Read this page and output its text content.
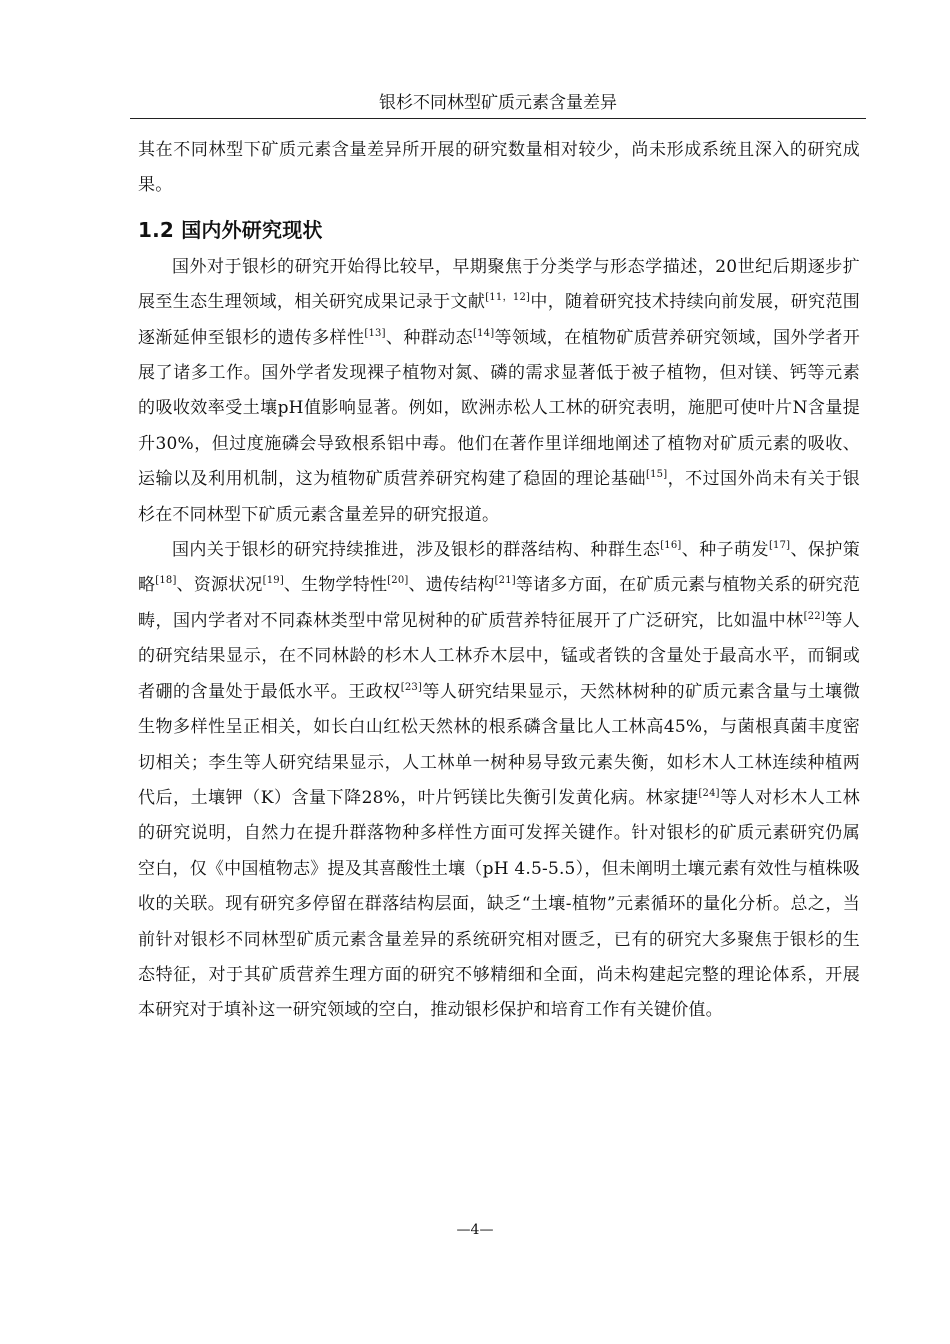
银杉不同林型矿质元素含量差异

其在不同林型下矿质元素含量差异所开展的研究数量相对较少，尚未形成系统且深入的研究成果。

1.2 国内外研究现状

国外对于银杉的研究开始得比较早，早期聚焦于分类学与形态学描述，20世纪后期逐步扩展至生态生理领域，相关研究成果记录于文献[11，12]中，随着研究技术持续向前发展，研究范围逐渐延伸至银杉的遗传多样性[13]、种群动态[14]等领域，在植物矿质营养研究领域，国外学者开展了诸多工作。国外学者发现裸子植物对氮、磷的需求显著低于被子植物，但对镁、钙等元素的吸收效率受土壤pH值影响显著。例如，欧洲赤松人工林的研究表明，施肥可使叶片N含量提升30%，但过度施磷会导致根系铝中毒。他们在著作里详细地阐述了植物对矿质元素的吸收、运输以及利用机制，这为植物矿质营养研究构建了稳固的理论基础[15]，不过国外尚未有关于银杉在不同林型下矿质元素含量差异的研究报道。

国内关于银杉的研究持续推进，涉及银杉的群落结构、种群生态[16]、种子萌发[17]、保护策略[18]、资源状况[19]、生物学特性[20]、遗传结构[21]等诸多方面，在矿质元素与植物关系的研究范畴，国内学者对不同森林类型中常见树种的矿质营养特征展开了广泛研究，比如温中林[22]等人的研究结果显示，在不同林龄的杉木人工林乔木层中，锰或者铁的含量处于最高水平，而铜或者硼的含量处于最低水平。王政权[23]等人研究结果显示，天然林树种的矿质元素含量与土壤微生物多样性呈正相关，如长白山红松天然林的根系磷含量比人工林高45%，与菌根真菌丰度密切相关；李生等人研究结果显示，人工林单一树种易导致元素失衡，如杉木人工林连续种植两代后，土壤钾（K）含量下降28%，叶片钙镁比失衡引发黄化病。林家捷[24]等人对杉木人工林的研究说明，自然力在提升群落物种多样性方面可发挥关键作。针对银杉的矿质元素研究仍属空白，仅《中国植物志》提及其喜酸性土壤（pH 4.5-5.5），但未阐明土壤元素有效性与植株吸收的关联。现有研究多停留在群落结构层面，缺乏“土壤-植物”元素循环的量化分析。总之，当前针对银杉不同林型矿质元素含量差异的系统研究相对匮乏，已有的研究大多聚焦于银杉的生态特征，对于其矿质营养生理方面的研究不够精细和全面，尚未构建起完整的理论体系，开展本研究对于填补这一研究领域的空白，推动银杉保护和培育工作有关键价值。

—4—
